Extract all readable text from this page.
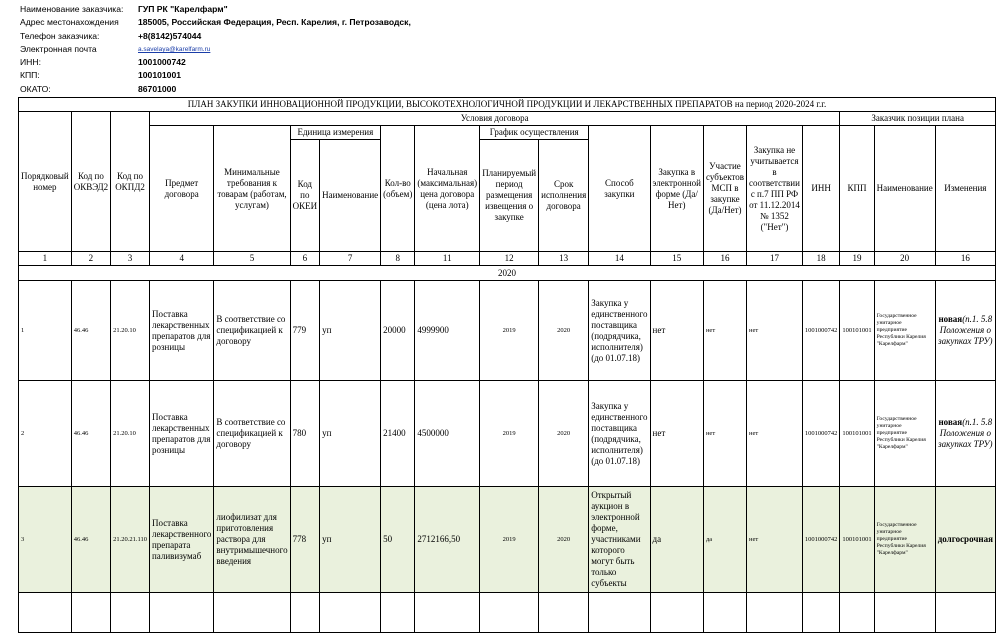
Наименование заказчика:	ГУП РК "Карелфарм"
Адрес местонахождения	185005, Российская Федерация, Респ. Карелия, г. Петрозаводск,
Телефон заказчика:	+8(8142)574044
Электронная почта	a.savelaya@karelfarm.ru
ИНН:	1001000742
КПП:	100101001
ОКАТО:	86701000
ПЛАН ЗАКУПКИ ИННОВАЦИОННОЙ ПРОДУКЦИИ, ВЫСОКОТЕХНОЛОГИЧНОЙ ПРОДУКЦИИ И ЛЕКАРСТВЕННЫХ ПРЕПАРАТОВ на период 2020-2024 г.г.																		
Порядковый номер	Код по ОКВЭД2	Код по ОКПД2	Условия договора													Заказчик позиции плана		
			Предмет договора	Минимальные требования к товарам (работам, услугам)	Единица измерения		Кол-во (объем)	Начальная (максимальная) цена договора (цена лота)	График осуществления		Способ закупки	Закупка в электронной форме (Да/Нет)	Участие субъектов МСП в закупке (Да/Нет)	Закупка не учитывается в соответствии с п.7 ПП РФ от 11.12.2014 № 1352 ("Нет")	ИНН	КПП	Наименование	Изменения
					Код по ОКЕИ	Наименование			Планируемый период размещения извещения о закупке	Срок исполнения договора								

1	2	3	4	5	6	7	8	11	12	13	14	15	16	17	18	19	20	16
2020																		
1	46.46	21.20.10	Поставка лекарственных препаратов для розницы	В соответствие со спецификацией к договору	779	уп	20000	4999900	2019	2020	Закупка у единственного поставщика (подрядчика, исполнителя) (до 01.07.18)	нет	нет	нет	1001000742	100101001	Государственное унитарное предприятие Республики Карелия "Карелфарм"	новая(п.1. 5.8 Положения о закупках ТРУ)
2	46.46	21.20.10	Поставка лекарственных препаратов для розницы	В соответствие со спецификацией к договору	780	уп	21400	4500000	2019	2020	Закупка у единственного поставщика (подрядчика, исполнителя) (до 01.07.18)	нет	нет	нет	1001000742	100101001	Государственное унитарное предприятие Республики Карелия "Карелфарм"	новая(п.1. 5.8 Положения о закупках ТРУ)
3	46.46	21.20.21.110	Поставка лекарственного препарата паливизумаб	лиофилизат для приготовления раствора для внутримышечного введения	778	уп	50	2712166,50	2019	2020	Открытый аукцион в электронной форме, участниками которого могут быть только субъекты	да	да	нет	1001000742	100101001	Государственное унитарное предприятие Республики Карелия "Карелфарм"	долгосрочная
